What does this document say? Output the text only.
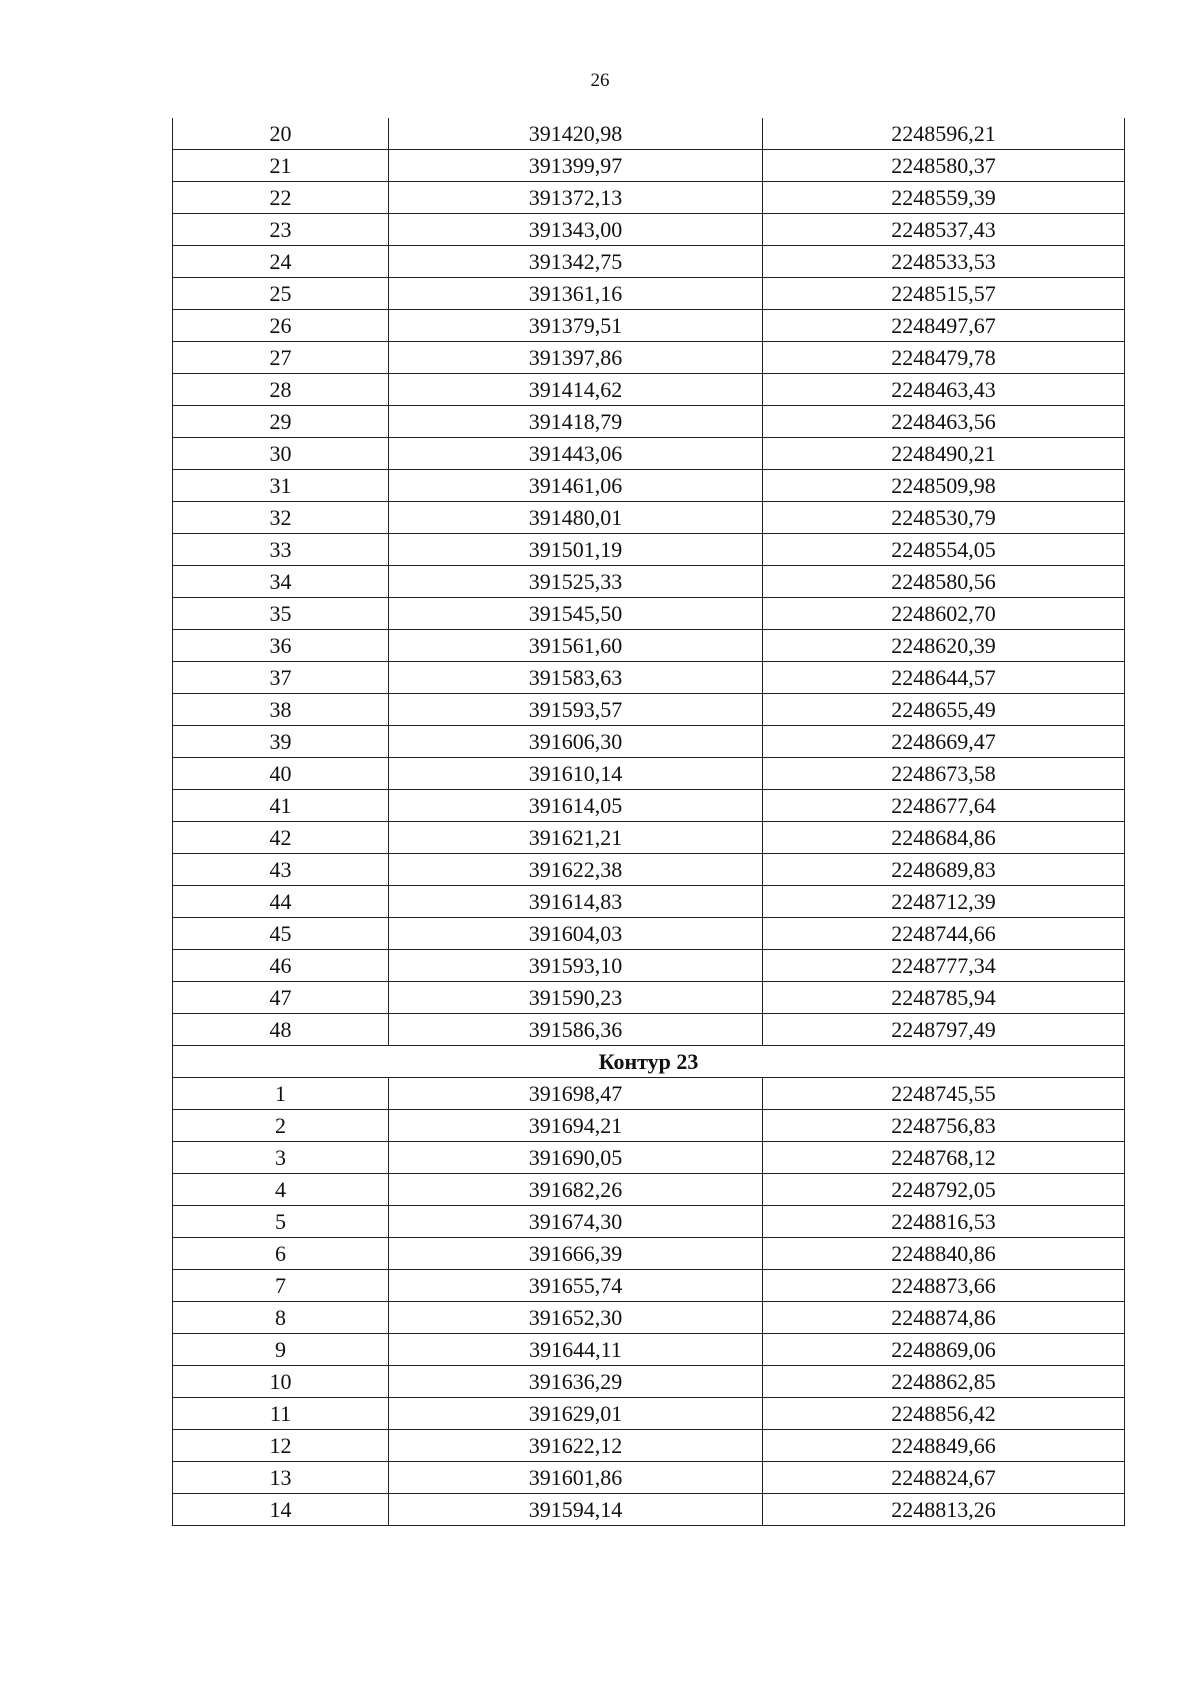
26
20	391420,98	2248596,21
21	391399,97	2248580,37
22	391372,13	2248559,39
23	391343,00	2248537,43
24	391342,75	2248533,53
25	391361,16	2248515,57
26	391379,51	2248497,67
27	391397,86	2248479,78
28	391414,62	2248463,43
29	391418,79	2248463,56
30	391443,06	2248490,21
31	391461,06	2248509,98
32	391480,01	2248530,79
33	391501,19	2248554,05
34	391525,33	2248580,56
35	391545,50	2248602,70
36	391561,60	2248620,39
37	391583,63	2248644,57
38	391593,57	2248655,49
39	391606,30	2248669,47
40	391610,14	2248673,58
41	391614,05	2248677,64
42	391621,21	2248684,86
43	391622,38	2248689,83
44	391614,83	2248712,39
45	391604,03	2248744,66
46	391593,10	2248777,34
47	391590,23	2248785,94
48	391586,36	2248797,49
Контур 23		
1	391698,47	2248745,55
2	391694,21	2248756,83
3	391690,05	2248768,12
4	391682,26	2248792,05
5	391674,30	2248816,53
6	391666,39	2248840,86
7	391655,74	2248873,66
8	391652,30	2248874,86
9	391644,11	2248869,06
10	391636,29	2248862,85
11	391629,01	2248856,42
12	391622,12	2248849,66
13	391601,86	2248824,67
14	391594,14	2248813,26
